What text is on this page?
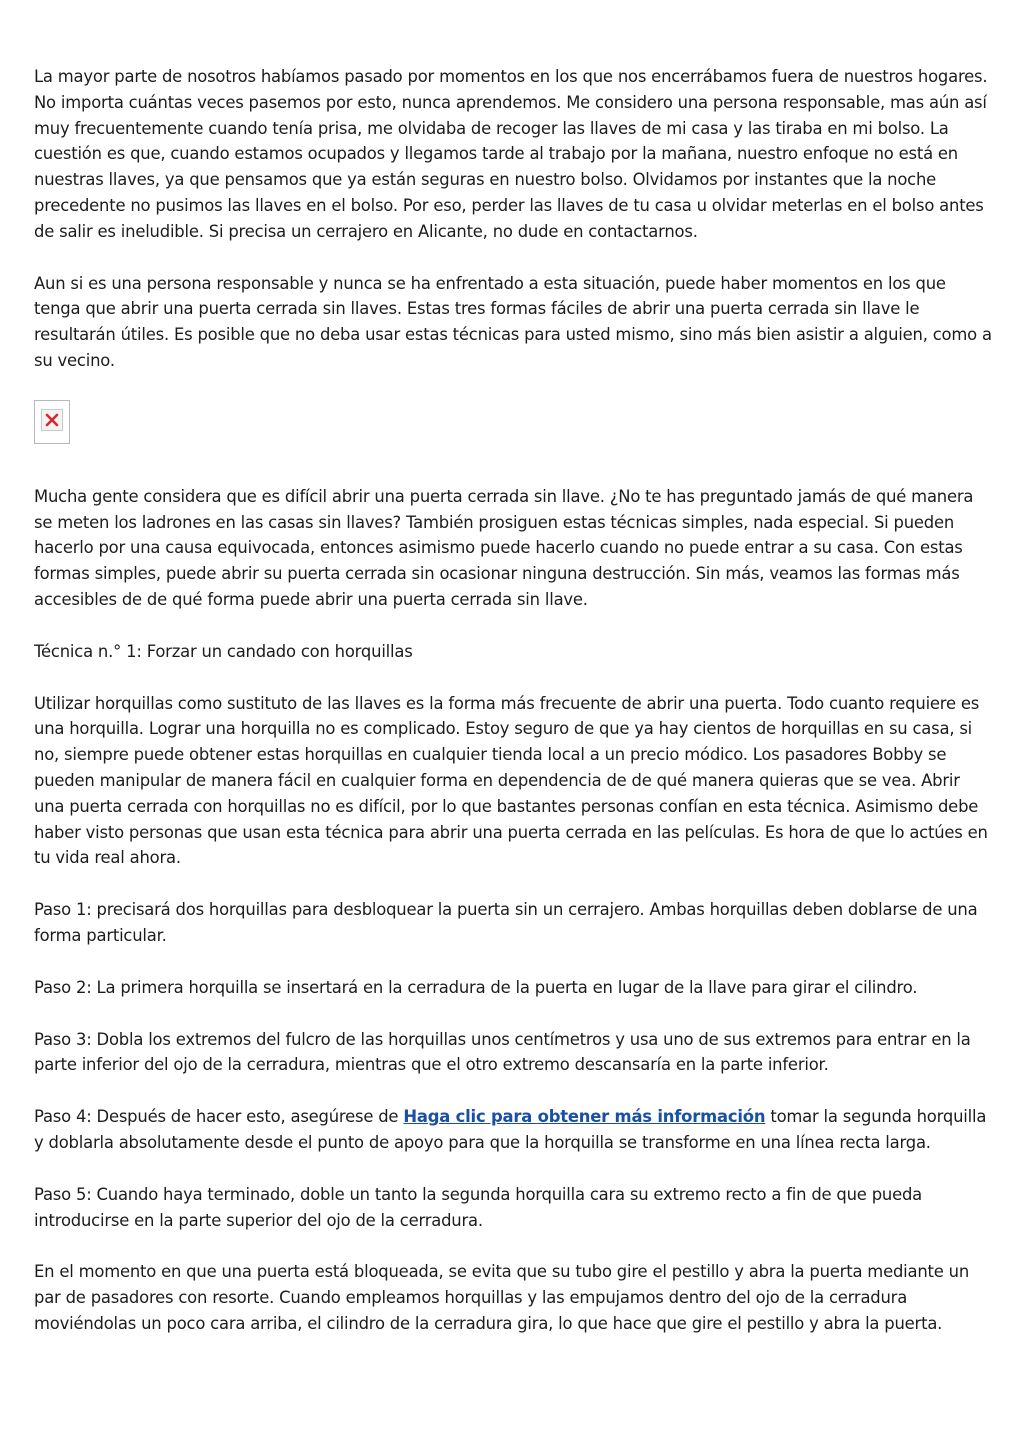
La mayor parte de nosotros habíamos pasado por momentos en los que nos encerrábamos fuera de nuestros hogares. No importa cuántas veces pasemos por esto, nunca aprendemos. Me considero una persona responsable, mas aún así muy frecuentemente cuando tenía prisa, me olvidaba de recoger las llaves de mi casa y las tiraba en mi bolso. La cuestión es que, cuando estamos ocupados y llegamos tarde al trabajo por la mañana, nuestro enfoque no está en nuestras llaves, ya que pensamos que ya están seguras en nuestro bolso. Olvidamos por instantes que la noche precedente no pusimos las llaves en el bolso. Por eso, perder las llaves de tu casa u olvidar meterlas en el bolso antes de salir es ineludible. Si precisa un cerrajero en Alicante, no dude en contactarnos.

Aun si es una persona responsable y nunca se ha enfrentado a esta situación, puede haber momentos en los que tenga que abrir una puerta cerrada sin llaves. Estas tres formas fáciles de abrir una puerta cerrada sin llave le resultarán útiles. Es posible que no deba usar estas técnicas para usted mismo, sino más bien asistir a alguien, como a su vecino.

Mucha gente considera que es difícil abrir una puerta cerrada sin llave. ¿No te has preguntado jamás de qué manera se meten los ladrones en las casas sin llaves? También prosiguen estas técnicas simples, nada especial. Si pueden hacerlo por una causa equivocada, entonces asimismo puede hacerlo cuando no puede entrar a su casa. Con estas formas simples, puede abrir su puerta cerrada sin ocasionar ninguna destrucción. Sin más, veamos las formas más accesibles de de qué forma puede abrir una puerta cerrada sin llave.

Técnica n.° 1: Forzar un candado con horquillas

Utilizar horquillas como sustituto de las llaves es la forma más frecuente de abrir una puerta. Todo cuanto requiere es una horquilla. Lograr una horquilla no es complicado. Estoy seguro de que ya hay cientos de horquillas en su casa, si no, siempre puede obtener estas horquillas en cualquier tienda local a un precio módico. Los pasadores Bobby se pueden manipular de manera fácil en cualquier forma en dependencia de de qué manera quieras que se vea. Abrir una puerta cerrada con horquillas no es difícil, por lo que bastantes personas confían en esta técnica. Asimismo debe haber visto personas que usan esta técnica para abrir una puerta cerrada en las películas. Es hora de que lo actúes en tu vida real ahora.

Paso 1: precisará dos horquillas para desbloquear la puerta sin un cerrajero. Ambas horquillas deben doblarse de una forma particular.

Paso 2: La primera horquilla se insertará en la cerradura de la puerta en lugar de la llave para girar el cilindro.

Paso 3: Dobla los extremos del fulcro de las horquillas unos centímetros y usa uno de sus extremos para entrar en la parte inferior del ojo de la cerradura, mientras que el otro extremo descansaría en la parte inferior.

Paso 4: Después de hacer esto, asegúrese de Haga clic para obtener más información tomar la segunda horquilla y doblarla absolutamente desde el punto de apoyo para que la horquilla se transforme en una línea recta larga.

Paso 5: Cuando haya terminado, doble un tanto la segunda horquilla cara su extremo recto a fin de que pueda introducirse en la parte superior del ojo de la cerradura.

En el momento en que una puerta está bloqueada, se evita que su tubo gire el pestillo y abra la puerta mediante un par de pasadores con resorte. Cuando empleamos horquillas y las empujamos dentro del ojo de la cerradura moviéndolas un poco cara arriba, el cilindro de la cerradura gira, lo que hace que gire el pestillo y abra la puerta.
